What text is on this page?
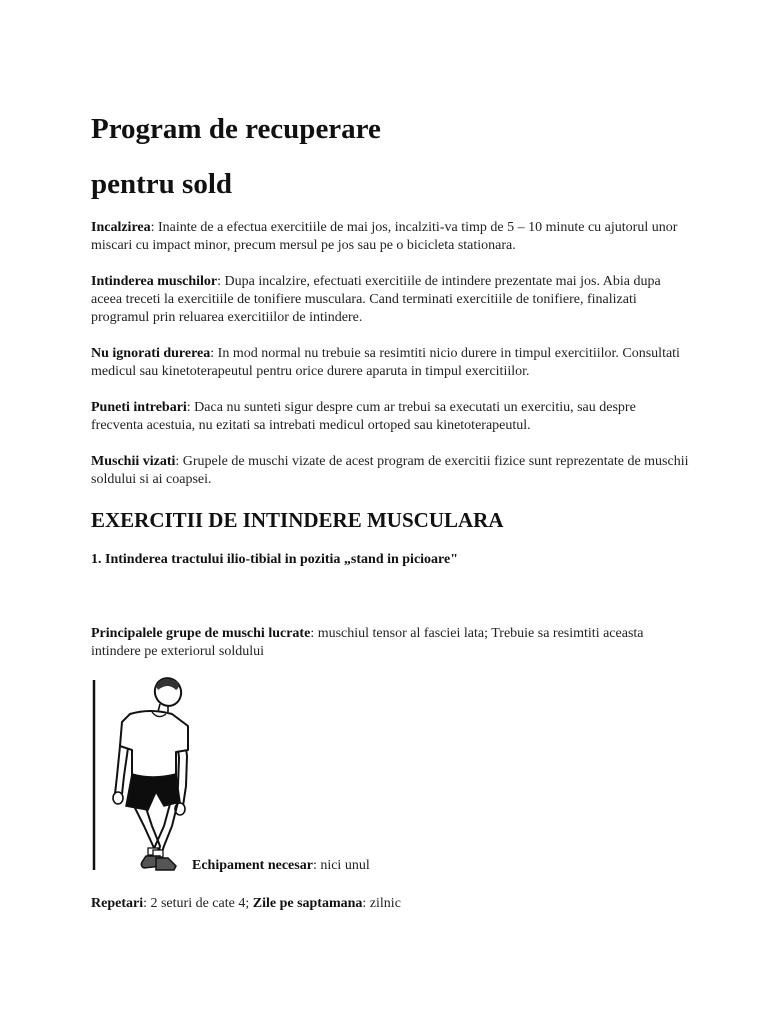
Program de recuperare
pentru sold

Incalzirea: Inainte de a efectua exercitiile de mai jos, incalziti-va timp de 5 – 10 minute cu ajutorul unor miscari cu impact minor, precum mersul pe jos sau pe o bicicleta stationara.

Intinderea muschilor: Dupa incalzire, efectuati exercitiile de intindere prezentate mai jos. Abia dupa aceea treceti la exercitiile de tonifiere musculara. Cand terminati exercitiile de tonifiere, finalizati programul prin reluarea exercitiilor de intindere.

Nu ignorati durerea: In mod normal nu trebuie sa resimtiti nicio durere in timpul exercitiilor. Consultati medicul sau kinetoterapeutul pentru orice durere aparuta in timpul exercitiilor.

Puneti intrebari: Daca nu sunteti sigur despre cum ar trebui sa executati un exercitiu, sau despre frecventa acestuia, nu ezitati sa intrebati medicul ortoped sau kinetoterapeutul.

Muschii vizati: Grupele de muschi vizate de acest program de exercitii fizice sunt reprezentate de muschii soldului si ai coapsei.

EXERCITII DE INTINDERE MUSCULARA
1. Intinderea tractului ilio-tibial in pozitia „stand in picioare"

Principalele grupe de muschi lucrate: muschiul tensor al fasciei lata; Trebuie sa resimtiti aceasta intindere pe exteriorul soldului

Echipament necesar: nici unul
Repetari: 2 seturi de cate 4; Zile pe saptamana: zilnic
